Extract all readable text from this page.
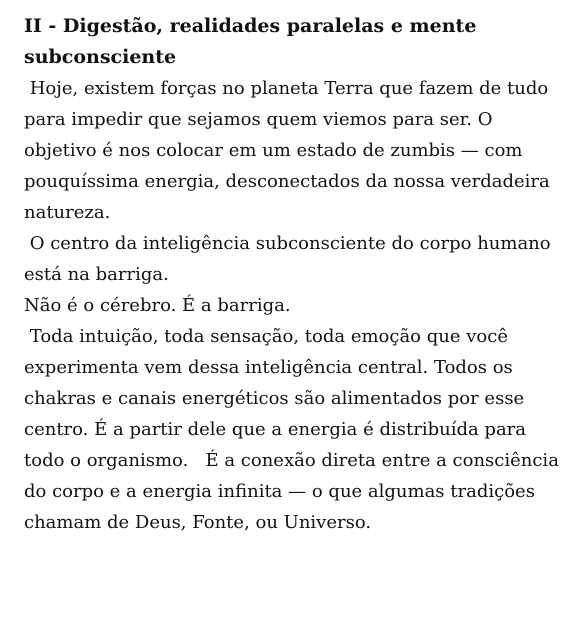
II - Digestão, realidades paralelas e mente subconsciente

Hoje, existem forças no planeta Terra que fazem de tudo para impedir que sejamos quem viemos para ser. O objetivo é nos colocar em um estado de zumbis — com pouquíssima energia, desconectados da nossa verdadeira natureza.

O centro da inteligência subconsciente do corpo humano está na barriga.

Não é o cérebro. É a barriga.

Toda intuição, toda sensação, toda emoção que você experimenta vem dessa inteligência central. Todos os chakras e canais energéticos são alimentados por esse centro. É a partir dele que a energia é distribuída para todo o organismo.   É a conexão direta entre a consciência do corpo e a energia infinita — o que algumas tradições chamam de Deus, Fonte, ou Universo.
